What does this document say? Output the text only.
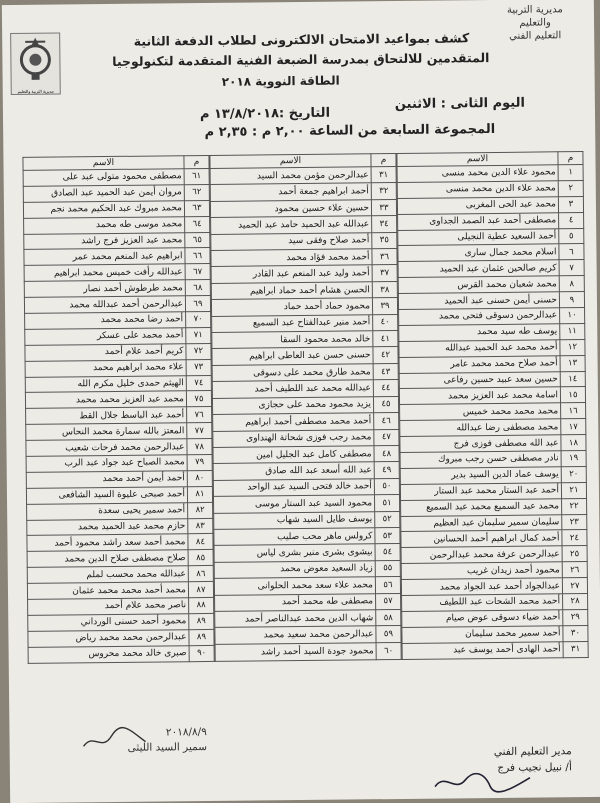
مديرية التربية والتعليم
التعليم الفني
مديرية التربية والتعليم
كشف بمواعيد الامتحان الالكترونى لطلاب الدفعة الثانية
المتقدمين للالتحاق بمدرسة الضبعة الفنية المتقدمة لتكنولوجيا
الطاقة النووية ٢٠١٨
اليوم الثانى : الاثنين
التاريخ :١٣/٨/٢٠١٨ م
المجموعة السابعة من الساعة ٢,٠٠ م : ٢,٣٥ م
م	الاسم
١	محمود علاء الدين محمد منسى
٢	محمد علاء الدين محمد منسى
٣	محمد عبد الحى المغربى
٤	مصطفى أحمد عبد الصمد الجداوى
٥	أحمد السعيد عطية النجيلى
٦	اسلام محمد جمال سارى
٧	كريم صالحين عثمان عبد الحميد
٨	محمد شعبان محمد القرس
٩	حسنى أيمن حسنى عبد الحميد
١٠	عبدالرحمن دسوقى فتحى محمد
١١	يوسف طه سيد محمد
١٢	أحمد محمد عبد الحميد عبدالله
١٣	أحمد صلاح محمد محمد عامر
١٤	حسين سعد عبيد حسين رفاعى
١٥	اسامة محمد عبد العزيز محمد
١٦	محمد محمد محمد خميس
١٧	محمد مصطفى رضا عبدالله
١٨	عبد الله مصطفى فوزى فرج
١٩	نادر مصطفى حسن رجب مبروك
٢٠	يوسف عماد الدين السيد بدير
٢١	أحمد عبد الستار محمد عبد الستار
٢٢	محمد عبد السميع محمد عبد السميع
٢٣	سليمان سمير سليمان عبد العظيم
٢٤	أحمد كمال ابراهيم أحمد الحسانين
٢٥	عبدالرحمن عرفة محمد عبدالرحمن
٢٦	محمود أحمد زيدان غريب
٢٧	عبدالجواد أحمد عبد الجواد محمد
٢٨	أحمد محمد الشحات عبد اللطيف
٢٩	أحمد ضياء دسوقى عوض صيام
٣٠	أحمد سمير محمد سليمان
٣١	أحمد الهادى أحمد يوسف عبد
م	الاسم
٣١	عبدالرحمن مؤمن محمد السيد
٣٢	أحمد ابراهيم جمعة أحمد
٣٣	حسين علاء حسين محمود
٣٤	عبدالله عبد الحميد حامد عبد الحميد
٣٥	أحمد صلاح وفقى سيد
٣٦	أحمد محمد فؤاد محمد
٣٧	أحمد وليد عبد المنعم عبد القادر
٣٨	الحسن هشام أحمد حماد ابراهيم
٣٩	محمود حماد أحمد حماد
٤٠	أحمد منير عبدالفتاح عبد السميع
٤١	خالد محمد محمود السقا
٤٢	حسنى حسن عبد العاطى ابراهيم
٤٣	محمد طارق محمد على دسوقى
٤٤	عبدالله محمد عبد اللطيف أحمد
٤٥	يزيد محمود محمد على حجازى
٤٦	أحمد محمد مصطفى أحمد ابراهيم
٤٧	محمد رجب فوزى شحاتة الهنداوى
٤٨	مصطفى كامل عبد الجليل امين
٤٩	عبد الله أسعد عبد الله صادق
٥٠	أحمد خالد فتحى السيد عبد الواحد
٥١	محمود السيد عبد الستار موسى
٥٢	يوسف طايل السيد شهاب
٥٣	كرولس ماهر محب صليب
٥٤	بيشوى بشرى منير بشرى لياس
٥٥	زياد السعيد معوض محمد
٥٦	محمد علاء سعد محمد الحلوانى
٥٧	مصطفى طه محمد أحمد
٥٨	شهاب الدين محمد عبدالناصر أحمد
٥٩	عبدالرحمن محمد سعيد محمد
٦٠	محمود جودة السيد أحمد راشد
م	الاسم
٦١	مصطفى محمود متولى عبد على
٦٢	مروان أيمن عبد الحميد عبد الصادق
٦٣	محمد مبروك عبد الحكيم محمد نجم
٦٤	محمد موسى طه محمد
٦٥	محمد عبد العزيز فرج راشد
٦٦	ابراهيم عبد المنعم محمد عمر
٦٧	عبدالله رأفت خميس محمد ابراهيم
٦٨	محمد طرطوش أحمد نصار
٦٩	عبدالرحمن أحمد عبدالله محمد
٧٠	أحمد رضا محمد محمد
٧١	أحمد محمد على عسكر
٧٢	كريم أحمد علام أحمد
٧٣	علاء محمد ابراهيم محمد
٧٤	الهيثم حمدى خليل مكرم الله
٧٥	محمد عبد العزيز محمد محمد
٧٦	أحمد عبد الباسط جلال القط
٧٧	المعتز بالله سمارة محمد النحاس
٧٨	عبدالرحمن محمد فرحات شعيب
٧٩	محمد الصباح عبد جواد عبد الرب
٨٠	أحمد أيمن أحمد محمد
٨١	أحمد صبحى عليوة السيد الشافعى
٨٢	أحمد سمير يحيى سعدة
٨٣	حازم محمد عبد الحميد محمد
٨٤	محمد أحمد سعد راشد محمود أحمد
٨٥	صلاح مصطفى صلاح الدين محمد
٨٦	عبدالله محمد محسب لملم
٨٧	محمد أحمد محمد محمد عثمان
٨٨	ناصر محمد علام أحمد
٨٩	محمود أحمد حسنى الورداني
٨٩	عبدالرحمن محمد محمد رياض
٩٠	صبرى خالد محمد محروس
مدير التعليم الفني
أ/ نبيل نجيب فرج
٢٠١٨/٨/٩
سمير السيد الليثى
